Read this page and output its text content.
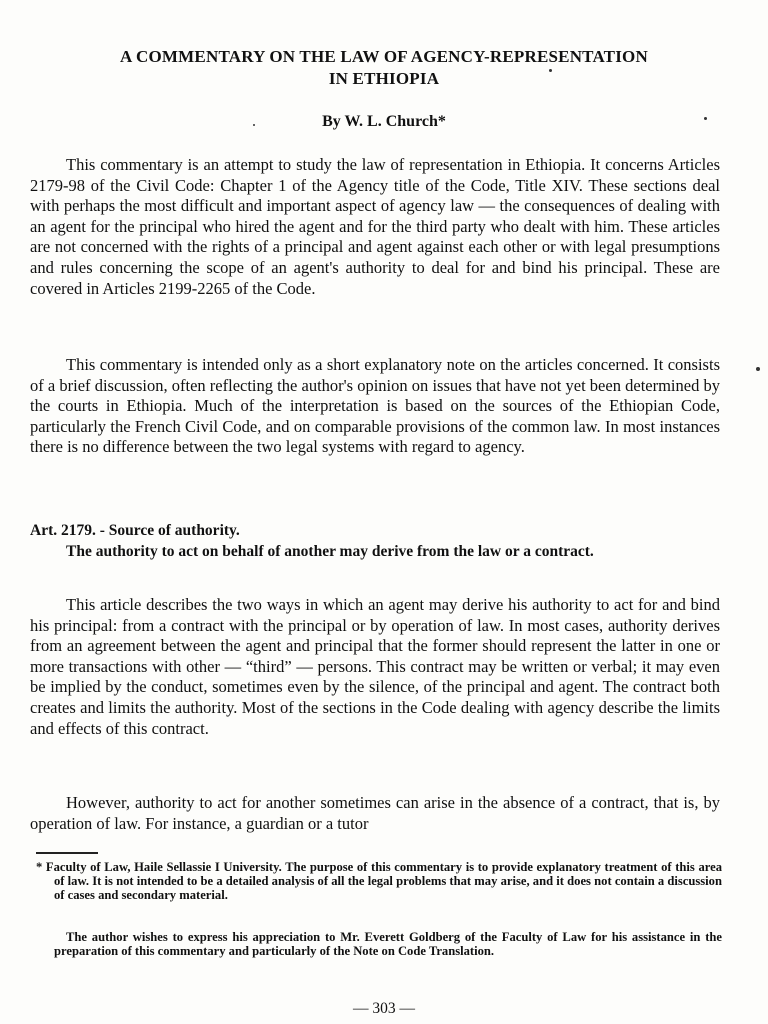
A COMMENTARY ON THE LAW OF AGENCY-REPRESENTATION
IN ETHIOPIA
By W. L. Church*

This commentary is an attempt to study the law of representation in Ethiopia. It concerns Articles 2179-98 of the Civil Code: Chapter 1 of the Agency title of the Code, Title XIV. These sections deal with perhaps the most difficult and important aspect of agency law — the consequences of dealing with an agent for the principal who hired the agent and for the third party who dealt with him. These articles are not concerned with the rights of a principal and agent against each other or with legal presumptions and rules concerning the scope of an agent's authority to deal for and bind his principal. These are covered in Articles 2199-2265 of the Code.

This commentary is intended only as a short explanatory note on the articles concerned. It consists of a brief discussion, often reflecting the author's opinion on issues that have not yet been determined by the courts in Ethiopia. Much of the interpretation is based on the sources of the Ethiopian Code, particularly the French Civil Code, and on comparable provisions of the common law. In most instances there is no difference between the two legal systems with regard to agency.

Art. 2179. - Source of authority.
The authority to act on behalf of another may derive from the law or a contract.

This article describes the two ways in which an agent may derive his authority to act for and bind his principal: from a contract with the principal or by operation of law. In most cases, authority derives from an agreement between the agent and principal that the former should represent the latter in one or more transactions with other — “third” — persons. This contract may be written or verbal; it may even be implied by the conduct, sometimes even by the silence, of the principal and agent. The contract both creates and limits the authority. Most of the sections in the Code dealing with agency describe the limits and effects of this contract.

However, authority to act for another sometimes can arise in the absence of a contract, that is, by operation of law. For instance, a guardian or a tutor

* Faculty of Law, Haile Sellassie I University. The purpose of this commentary is to provide explanatory treatment of this area of law. It is not intended to be a detailed analysis of all the legal problems that may arise, and it does not contain a discussion of cases and secondary material.

The author wishes to express his appreciation to Mr. Everett Goldberg of the Faculty of Law for his assistance in the preparation of this commentary and particularly of the Note on Code Translation.

— 303 —
